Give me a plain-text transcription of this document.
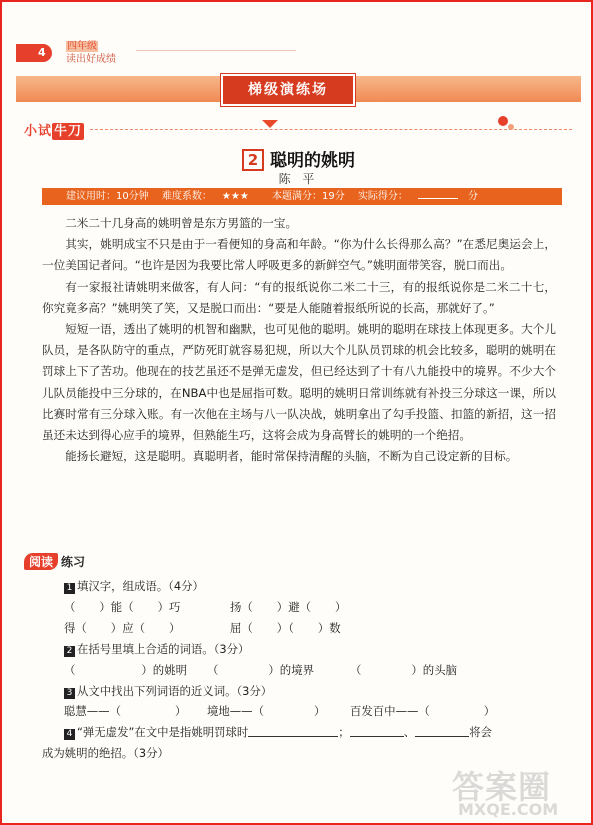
4	四年级
读出好成绩
梯级演练场
小试 牛刀
2 聪明的姚明
陈 平
建议用时：10分钟 难度系数： ★★★ 本题满分：19分 实际得分：	分

二米二十几身高的姚明曾是东方男篮的一宝。

其实，姚明成宝不只是由于一看便知的身高和年龄。“你为什么长得那么高？”在悉尼奥运会上，一位美国记者问。“也许是因为我要比常人呼吸更多的新鲜空气。”姚明面带笑容，脱口而出。

有一家报社请姚明来做客，有人问：“有的报纸说你二米二十三，有的报纸说你是二米二十七，你究竟多高？”姚明笑了笑，又是脱口而出：“要是人能随着报纸所说的长高，那就好了。”

短短一语，透出了姚明的机智和幽默，也可见他的聪明。姚明的聪明在球技上体现更多。大个儿队员，是各队防守的重点，严防死盯就容易犯规，所以大个儿队员罚球的机会比较多，聪明的姚明在罚球上下了苦功。他现在的技艺虽还不是弹无虚发，但已经达到了十有八九能投中的境界。不少大个儿队员能投中三分球的，在NBA中也是屈指可数。聪明的姚明日常训练就有补投三分球这一课，所以比赛时常有三分球入账。有一次他在主场与八一队决战，姚明拿出了勾手投篮、扣篮的新招，这一招虽还未达到得心应手的境界，但熟能生巧，这将会成为身高臂长的姚明的一个绝招。

能扬长避短，这是聪明。真聪明者，能时常保持清醒的头脑，不断为自己设定新的目标。

阅读 练习
1 填汉字，组成语。（4分）
（ ）能（ ）巧	扬（ ）避（ ）
得（ ）应（ ）	屈（ ）（ ）数
2 在括号里填上合适的词语。（3分）
（	）的姚明 （	）的境界	（	）的头脑
3 从文中找出下列词语的近义词。（3分）
聪慧——（	） 境地——（	） 百发百中——（	）
4 “弹无虚发”在文中是指姚明罚球时	；	、	将会
成为姚明的绝招。（3分）
答案圈
MXQE.COM
